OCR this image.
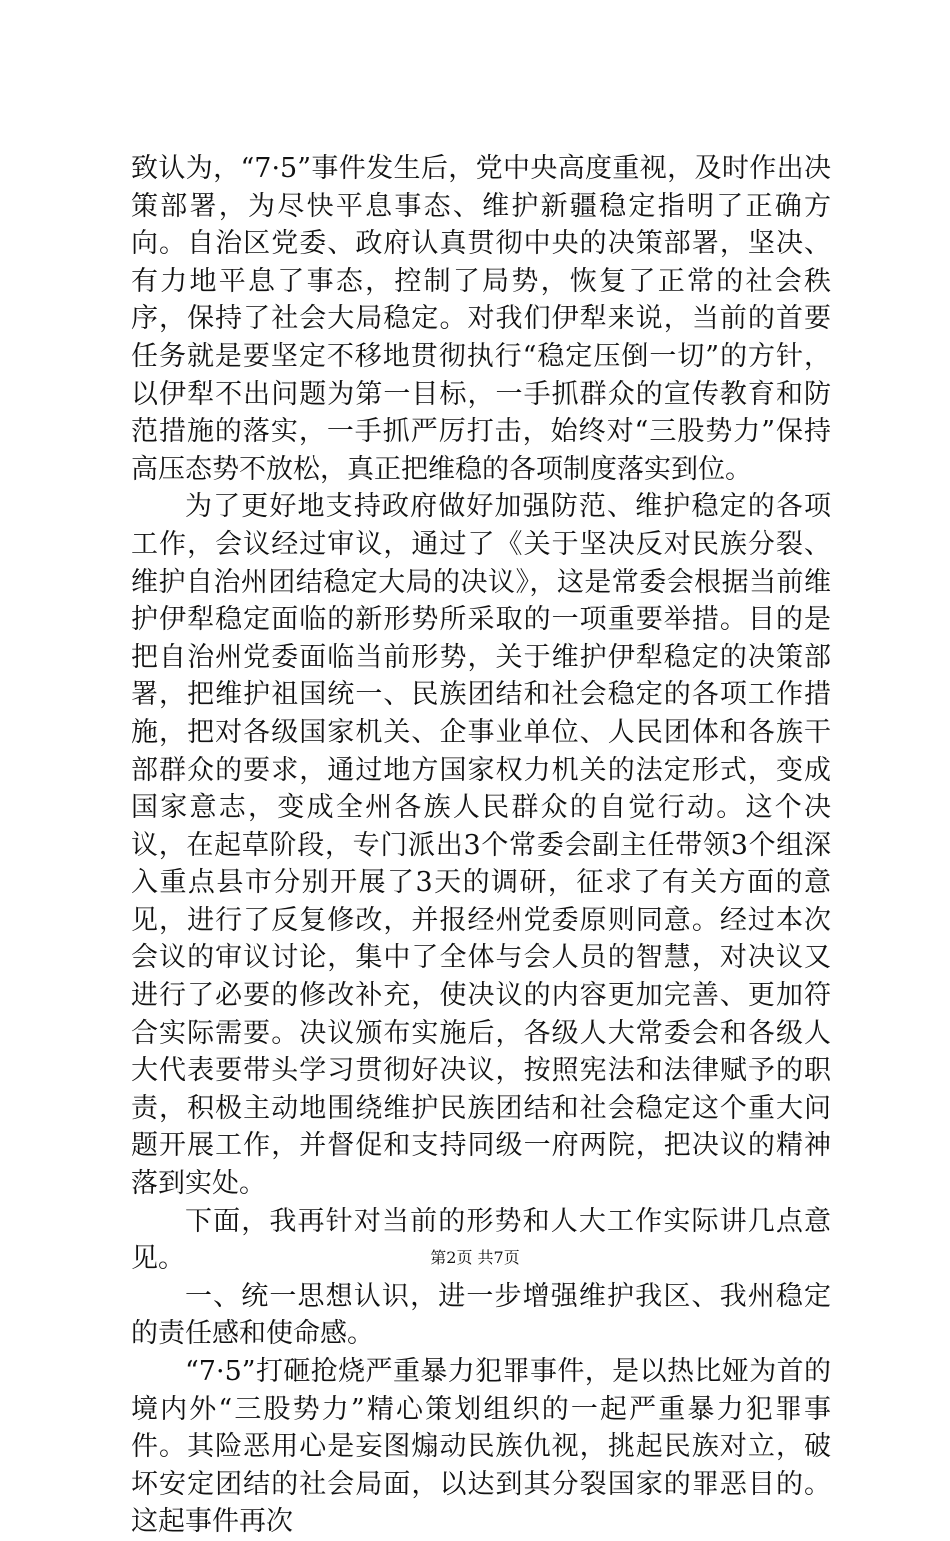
致认为，“7·5”事件发生后，党中央高度重视，及时作出决策部署，为尽快平息事态、维护新疆稳定指明了正确方向。自治区党委、政府认真贯彻中央的决策部署，坚决、有力地平息了事态，控制了局势，恢复了正常的社会秩序，保持了社会大局稳定。对我们伊犁来说，当前的首要任务就是要坚定不移地贯彻执行“稳定压倒一切”的方针，以伊犁不出问题为第一目标，一手抓群众的宣传教育和防范措施的落实，一手抓严厉打击，始终对“三股势力”保持高压态势不放松，真正把维稳的各项制度落实到位。

为了更好地支持政府做好加强防范、维护稳定的各项工作，会议经过审议，通过了《关于坚决反对民族分裂、维护自治州团结稳定大局的决议》，这是常委会根据当前维护伊犁稳定面临的新形势所采取的一项重要举措。目的是把自治州党委面临当前形势，关于维护伊犁稳定的决策部署，把维护祖国统一、民族团结和社会稳定的各项工作措施，把对各级国家机关、企事业单位、人民团体和各族干部群众的要求，通过地方国家权力机关的法定形式，变成国家意志，变成全州各族人民群众的自觉行动。这个决议，在起草阶段，专门派出3个常委会副主任带领3个组深入重点县市分别开展了3天的调研，征求了有关方面的意见，进行了反复修改，并报经州党委原则同意。经过本次会议的审议讨论，集中了全体与会人员的智慧，对决议又进行了必要的修改补充，使决议的内容更加完善、更加符合实际需要。决议颁布实施后，各级人大常委会和各级人大代表要带头学习贯彻好决议，按照宪法和法律赋予的职责，积极主动地围绕维护民族团结和社会稳定这个重大问题开展工作，并督促和支持同级一府两院，把决议的精神落到实处。

下面，我再针对当前的形势和人大工作实际讲几点意见。

一、统一思想认识，进一步增强维护我区、我州稳定的责任感和使命感。

“7·5”打砸抢烧严重暴力犯罪事件，是以热比娅为首的境内外“三股势力”精心策划组织的一起严重暴力犯罪事件。其险恶用心是妄图煽动民族仇视，挑起民族对立，破坏安定团结的社会局面，以达到其分裂国家的罪恶目的。这起事件再次

第2页 共7页
